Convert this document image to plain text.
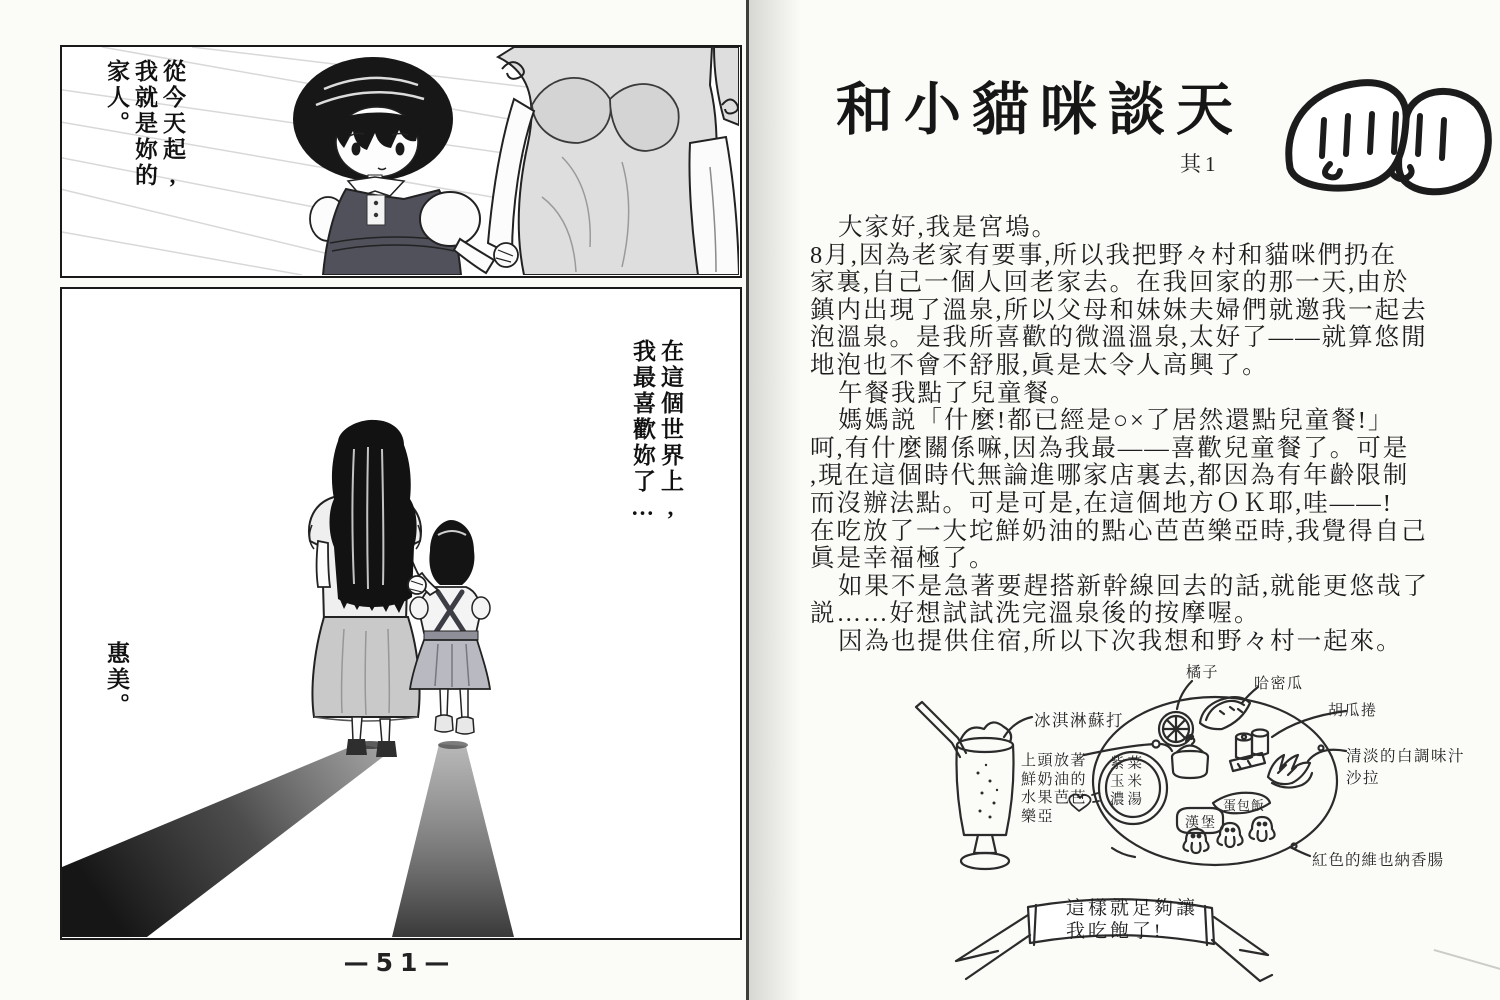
從今天起,
我就是妳的
家人。
在這個世界上,
我最喜歡妳了…
惠美。
—51—
和小貓咪談天
其1
大家好,我是宮塢。
8月,因為老家有要事,所以我把野々村和貓咪們扔在
家裏,自己一個人回老家去。在我回家的那一天,由於
鎮内出現了溫泉,所以父母和妹妹夫婦們就邀我一起去
泡溫泉。是我所喜歡的微溫溫泉,太好了——就算悠閒
地泡也不會不舒服,眞是太令人高興了。
午餐我點了兒童餐。
媽媽説「什麼!都已經是○×了居然還點兒童餐!」
呵,有什麼關係嘛,因為我最——喜歡兒童餐了。可是
,現在這個時代無論進哪家店裏去,都因為有年齡限制
而沒辦法點。可是可是,在這個地方ＯＫ耶,哇——!
在吃放了一大坨鮮奶油的點心芭芭樂亞時,我覺得自己
眞是幸福極了。
如果不是急著要趕搭新幹線回去的話,就能更悠哉了
説……好想試試洗完溫泉後的按摩喔。
因為也提供住宿,所以下次我想和野々村一起來。
冰淇淋蘇打
上頭放著
鮮奶油的
水果芭芭
樂亞
橘子
哈密瓜
胡瓜捲
清淡的白調味汁
沙拉
紫菜
玉米
濃湯	蛋包飯
漢堡
紅色的維也納香腸
這樣就足夠讓
我吃飽了!
